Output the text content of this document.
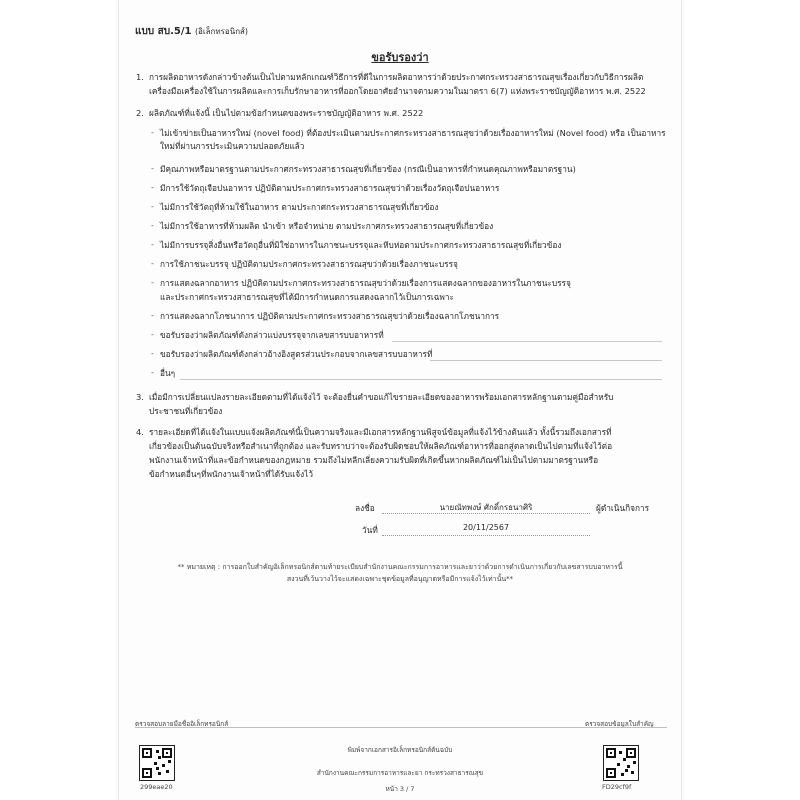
แบบ สบ.5/1 (อิเล็กทรอนิกส์)
ขอรับรองว่า
1. การผลิตอาหารดังกล่าวข้างต้นเป็นไปตามหลักเกณฑ์วิธีการที่ดีในการผลิตอาหารว่าด้วยประกาศกระทรวงสาธารณสุขเรื่องเกี่ยวกับวิธีการผลิต
เครื่องมือเครื่องใช้ในการผลิตและการเก็บรักษาอาหารที่ออกโดยอาศัยอำนาจตามความในมาตรา 6(7) แห่งพระราชบัญญัติอาหาร พ.ศ. 2522
2. ผลิตภัณฑ์ที่แจ้งนี้ เป็นไปตามข้อกำหนดของพระราชบัญญัติอาหาร พ.ศ. 2522
- ไม่เข้าข่ายเป็นอาหารใหม่ (novel food) ที่ต้องประเมินตามประกาศกระทรวงสาธารณสุขว่าด้วยเรื่องอาหารใหม่ (Novel food) หรือ เป็นอาหาร
ใหม่ที่ผ่านการประเมินความปลอดภัยแล้ว
- มีคุณภาพหรือมาตรฐานตามประกาศกระทรวงสาธารณสุขที่เกี่ยวข้อง (กรณีเป็นอาหารที่กำหนดคุณภาพหรือมาตรฐาน)
- มีการใช้วัตถุเจือปนอาหาร ปฏิบัติตามประกาศกระทรวงสาธารณสุขว่าด้วยเรื่องวัตถุเจือปนอาหาร
- ไม่มีการใช้วัตถุที่ห้ามใช้ในอาหาร ตามประกาศกระทรวงสาธารณสุขที่เกี่ยวข้อง
- ไม่มีการใช้อาหารที่ห้ามผลิต นำเข้า หรือจำหน่าย ตามประกาศกระทรวงสาธารณสุขที่เกี่ยวข้อง
- ไม่มีการบรรจุสิ่งอื่นหรือวัตถุอื่นที่มิใช่อาหารในภาชนะบรรจุและหีบห่อตามประกาศกระทรวงสาธารณสุขที่เกี่ยวข้อง
- การใช้ภาชนะบรรจุ ปฏิบัติตามประกาศกระทรวงสาธารณสุขว่าด้วยเรื่องภาชนะบรรจุ
- การแสดงฉลากอาหาร ปฏิบัติตามประกาศกระทรวงสาธารณสุขว่าด้วยเรื่องการแสดงฉลากของอาหารในภาชนะบรรจุ
และประกาศกระทรวงสาธารณสุขที่ได้มีการกำหนดการแสดงฉลากไว้เป็นการเฉพาะ
- การแสดงฉลากโภชนาการ ปฏิบัติตามประกาศกระทรวงสาธารณสุขว่าด้วยเรื่องฉลากโภชนาการ
- ขอรับรองว่าผลิตภัณฑ์ดังกล่าวแบ่งบรรจุจากเลขสารบบอาหารที่
- ขอรับรองว่าผลิตภัณฑ์ดังกล่าวอ้างอิงสูตรส่วนประกอบจากเลขสารบบอาหารที่
- อื่นๆ
3. เมื่อมีการเปลี่ยนแปลงรายละเอียดตามที่ได้แจ้งไว้ จะต้องยื่นคำขอแก้ไขรายละเอียดของอาหารพร้อมเอกสารหลักฐานตามคู่มือสำหรับ
ประชาชนที่เกี่ยวข้อง
4. รายละเอียดที่ได้แจ้งในแบบแจ้งผลิตภัณฑ์นี้เป็นความจริงและมีเอกสารหลักฐานพิสูจน์ข้อมูลที่แจ้งไว้ข้างต้นแล้ว ทั้งนี้รวมถึงเอกสารที่
เกี่ยวข้องเป็นต้นฉบับจริงหรือสำเนาที่ถูกต้อง และรับทราบว่าจะต้องรับผิดชอบให้ผลิตภัณฑ์อาหารที่ออกสู่ตลาดเป็นไปตามที่แจ้งไว้ต่อ
พนักงานเจ้าหน้าที่และข้อกำหนดของกฎหมาย รวมถึงไม่หลีกเลี่ยงความรับผิดที่เกิดขึ้นหากผลิตภัณฑ์ไม่เป็นไปตามมาตรฐานหรือ
ข้อกำหนดอื่นๆที่พนักงานเจ้าหน้าที่ได้รับแจ้งไว้
ลงชื่อ	นายณัทพงษ์ ศักดิ์กรธนาศิริ	ผู้ดำเนินกิจการ
วันที่	20/11/2567
** หมายเหตุ : การออกใบสำคัญอิเล็กทรอนิกส์ตามท้ายระเบียบสำนักงานคณะกรรมการอาหารและยาว่าด้วยการดำเนินการเกี่ยวกับเลขสารบบอาหารนี้
สงวนที่เว้นวางไว้จะแสดงเฉพาะชุดข้อมูลที่อนุญาตหรือมีการแจ้งไว้เท่านั้น**
ตรวจสอบลายมือชื่ออิเล็กทรอนิกส์	ตรวจสอบข้อมูลใบสำคัญ
พิมพ์จากเอกสารอิเล็กทรอนิกส์ต้นฉบับ
สำนักงานคณะกรรมการอาหารและยา กระทรวงสาธารณสุข
หน้า 3 / 7
299eae20	FD29cf9f
